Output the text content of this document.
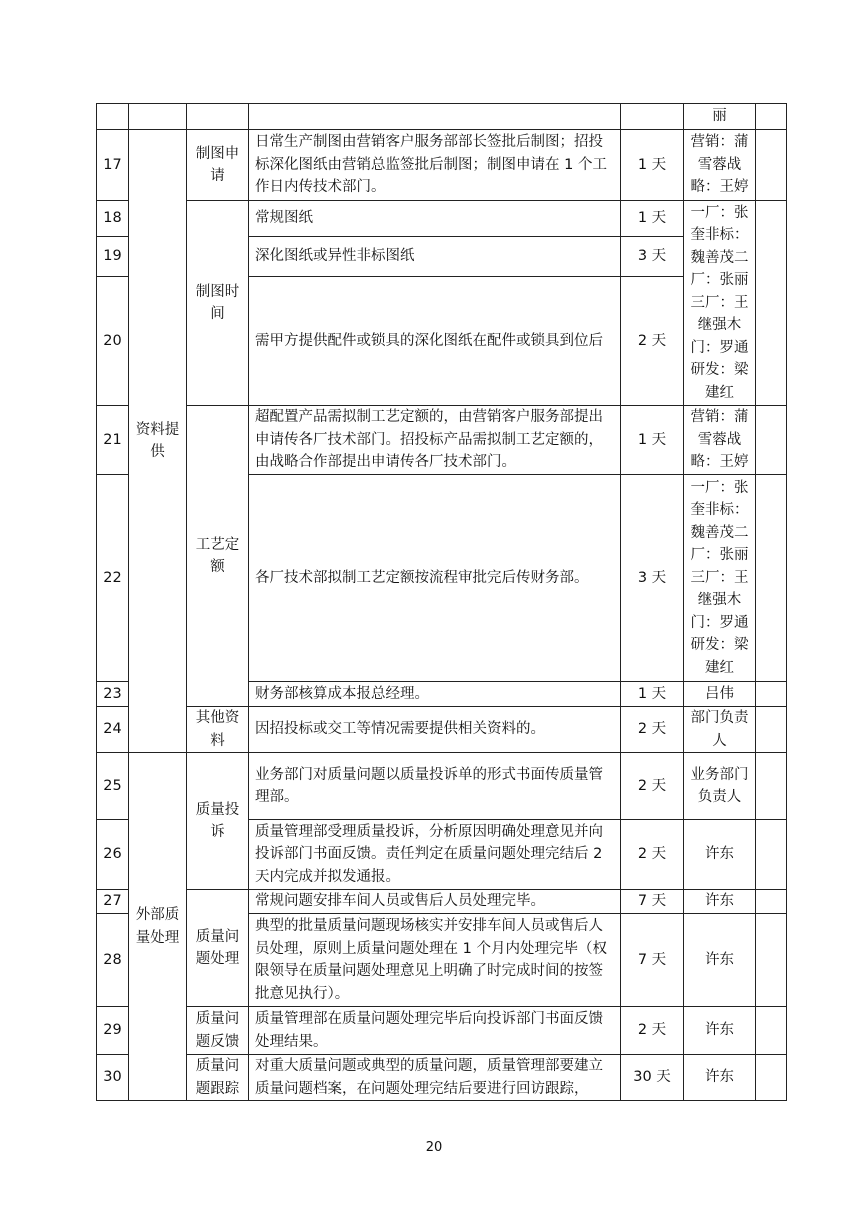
					丽	
17	资料提供	制图申请	日常生产制图由营销客户服务部部长签批后制图；招投标深化图纸由营销总监签批后制图；制图申请在 1 个工作日内传技术部门。	1 天	营销：蒲雪蓉战略：王婷	
18		制图时间	常规图纸	1 天	一厂：张奎非标：魏善茂二厂：张丽三厂：王继强木门：罗通研发：梁建红	
19			深化图纸或异性非标图纸	3 天		
20			需甲方提供配件或锁具的深化图纸在配件或锁具到位后	2 天		
21		工艺定额	超配置产品需拟制工艺定额的，由营销客户服务部提出申请传各厂技术部门。招投标产品需拟制工艺定额的，由战略合作部提出申请传各厂技术部门。	1 天	营销：蒲雪蓉战略：王婷	
22			各厂技术部拟制工艺定额按流程审批完后传财务部。	3 天	一厂：张奎非标：魏善茂二厂：张丽三厂：王继强木门：罗通研发：梁建红	
23			财务部核算成本报总经理。	1 天	吕伟	
24		其他资料	因招投标或交工等情况需要提供相关资料的。	2 天	部门负责人	
25	外部质量处理	质量投诉	业务部门对质量问题以质量投诉单的形式书面传质量管理部。	2 天	业务部门负责人	
26			质量管理部受理质量投诉，分析原因明确处理意见并向投诉部门书面反馈。责任判定在质量问题处理完结后 2 天内完成并拟发通报。	2 天	许东	
27		质量问题处理	常规问题安排车间人员或售后人员处理完毕。	7 天	许东	
28			典型的批量质量问题现场核实并安排车间人员或售后人员处理，原则上质量问题处理在 1 个月内处理完毕（权限领导在质量问题处理意见上明确了时完成时间的按签批意见执行）。	7 天	许东	
29		质量问题反馈	质量管理部在质量问题处理完毕后向投诉部门书面反馈处理结果。	2 天	许东	
30		质量问题跟踪	对重大质量问题或典型的质量问题，质量管理部要建立质量问题档案，在问题处理完结后要进行回访跟踪，	30 天	许东	
20
